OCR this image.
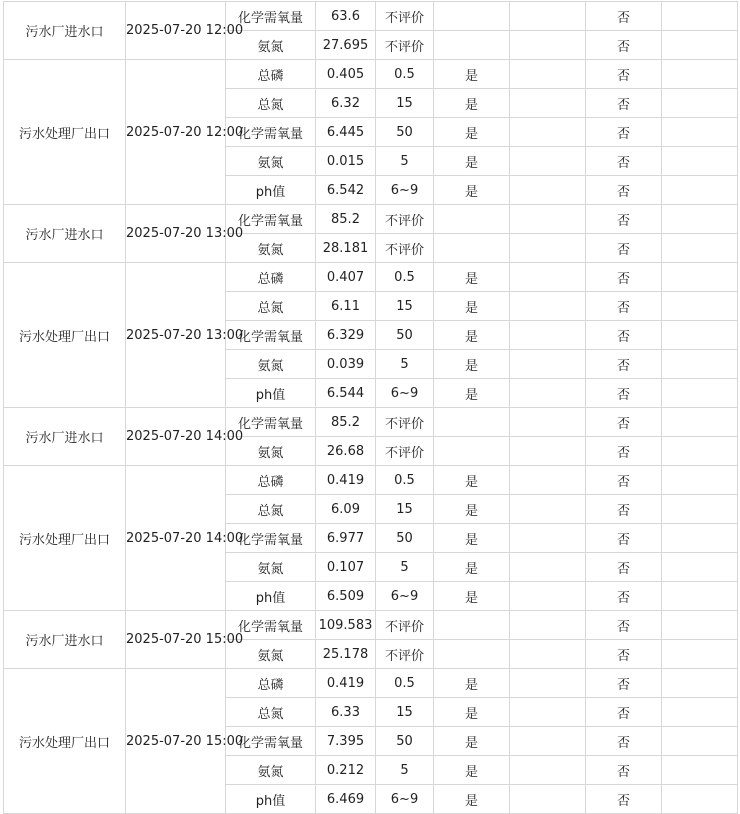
污水厂进水口	2025-07-20 12:00	化学需氧量	63.6	不评价			否	
		氨氮	27.695	不评价			否	
污水处理厂出口	2025-07-20 12:00	总磷	0.405	0.5	是		否	
		总氮	6.32	15	是		否	
		化学需氧量	6.445	50	是		否	
		氨氮	0.015	5	是		否	
		ph值	6.542	6~9	是		否	
污水厂进水口	2025-07-20 13:00	化学需氧量	85.2	不评价			否	
		氨氮	28.181	不评价			否	
污水处理厂出口	2025-07-20 13:00	总磷	0.407	0.5	是		否	
		总氮	6.11	15	是		否	
		化学需氧量	6.329	50	是		否	
		氨氮	0.039	5	是		否	
		ph值	6.544	6~9	是		否	
污水厂进水口	2025-07-20 14:00	化学需氧量	85.2	不评价			否	
		氨氮	26.68	不评价			否	
污水处理厂出口	2025-07-20 14:00	总磷	0.419	0.5	是		否	
		总氮	6.09	15	是		否	
		化学需氧量	6.977	50	是		否	
		氨氮	0.107	5	是		否	
		ph值	6.509	6~9	是		否	
污水厂进水口	2025-07-20 15:00	化学需氧量	109.583	不评价			否	
		氨氮	25.178	不评价			否	
污水处理厂出口	2025-07-20 15:00	总磷	0.419	0.5	是		否	
		总氮	6.33	15	是		否	
		化学需氧量	7.395	50	是		否	
		氨氮	0.212	5	是		否	
		ph值	6.469	6~9	是		否	
